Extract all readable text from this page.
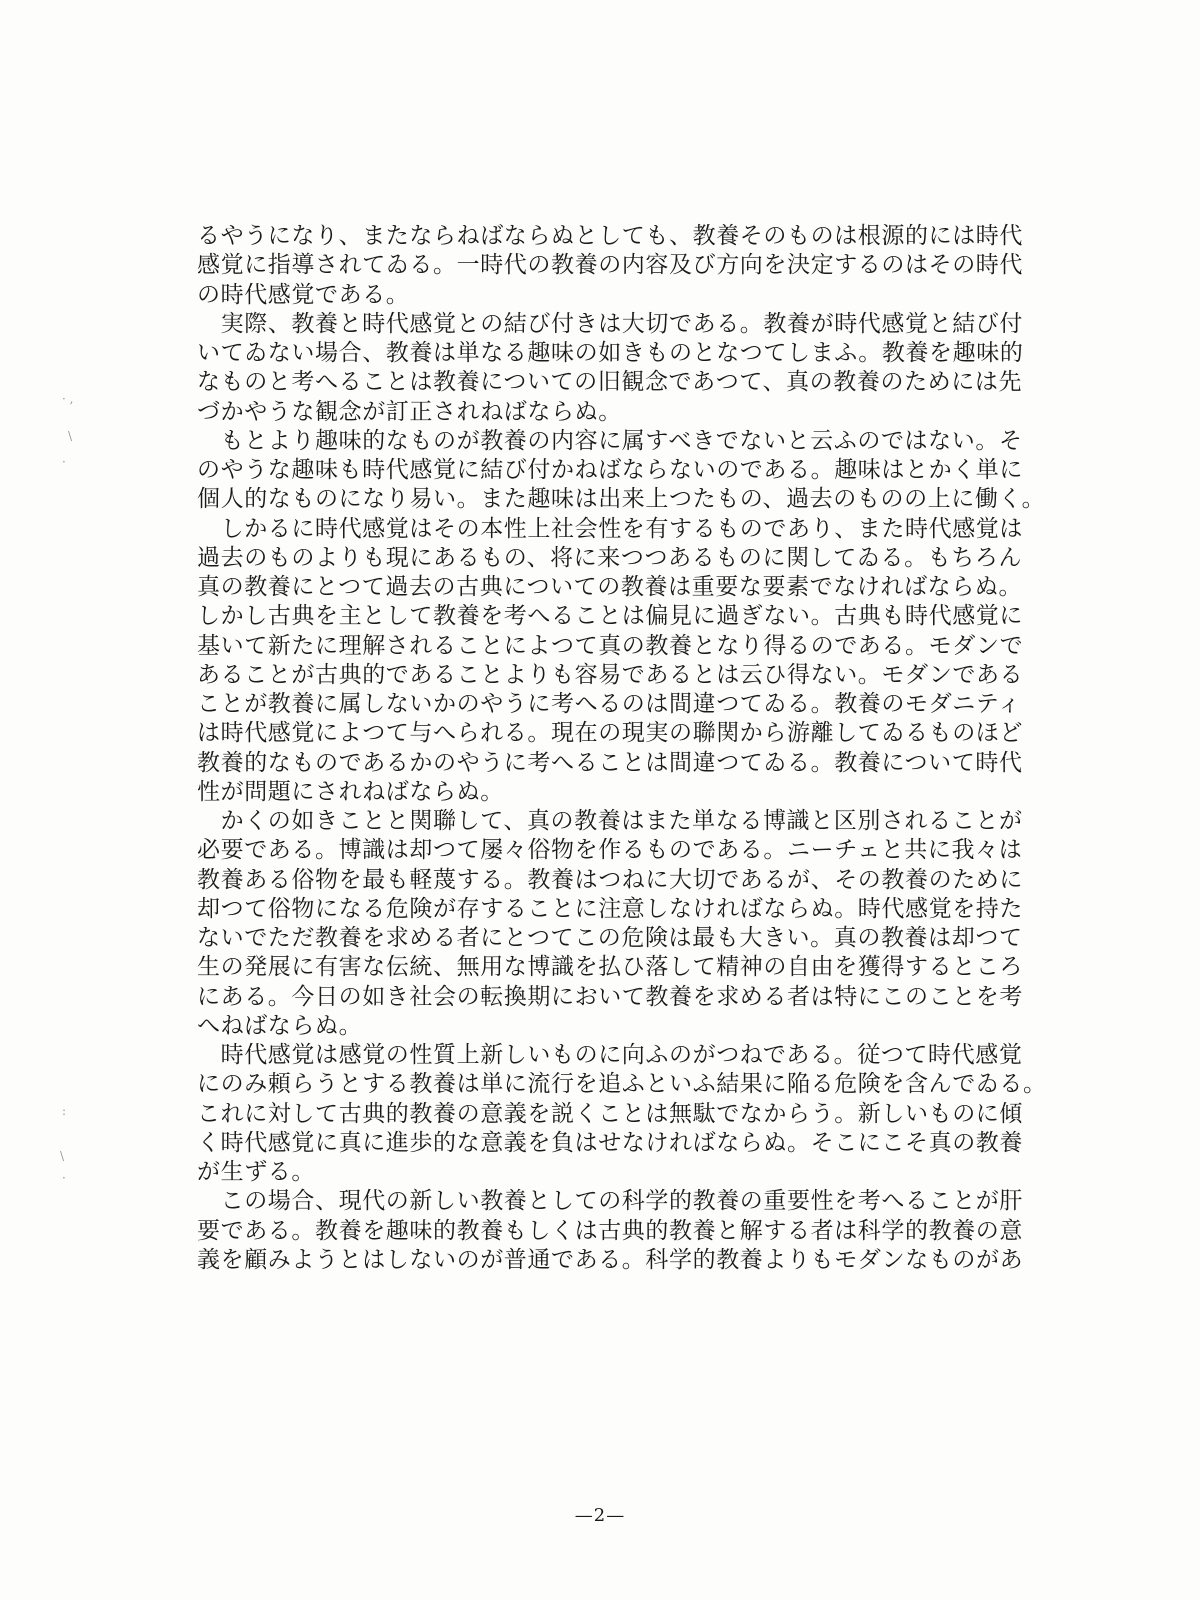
· ,
\
·
:
\
·
るやうになり、またならねばならぬとしても、教養そのものは根源的には時代
感覚に指導されてゐる。一時代の教養の内容及び方向を決定するのはその時代
の時代感覚である。
　実際、教養と時代感覚との結び付きは大切である。教養が時代感覚と結び付
いてゐない場合、教養は単なる趣味の如きものとなつてしまふ。教養を趣味的
なものと考へることは教養についての旧観念であつて、真の教養のためには先
づかやうな観念が訂正されねばならぬ。
　もとより趣味的なものが教養の内容に属すべきでないと云ふのではない。そ
のやうな趣味も時代感覚に結び付かねばならないのである。趣味はとかく単に
個人的なものになり易い。また趣味は出来上つたもの、過去のものの上に働く。
　しかるに時代感覚はその本性上社会性を有するものであり、また時代感覚は
過去のものよりも現にあるもの、将に来つつあるものに関してゐる。もちろん
真の教養にとつて過去の古典についての教養は重要な要素でなければならぬ。
しかし古典を主として教養を考へることは偏見に過ぎない。古典も時代感覚に
基いて新たに理解されることによつて真の教養となり得るのである。モダンで
あることが古典的であることよりも容易であるとは云ひ得ない。モダンである
ことが教養に属しないかのやうに考へるのは間違つてゐる。教養のモダニティ
は時代感覚によつて与へられる。現在の現実の聯関から游離してゐるものほど
教養的なものであるかのやうに考へることは間違つてゐる。教養について時代
性が問題にされねばならぬ。
　かくの如きことと関聯して、真の教養はまた単なる博識と区別されることが
必要である。博識は却つて屡々俗物を作るものである。ニーチェと共に我々は
教養ある俗物を最も軽蔑する。教養はつねに大切であるが、その教養のために
却つて俗物になる危険が存することに注意しなければならぬ。時代感覚を持た
ないでただ教養を求める者にとつてこの危険は最も大きい。真の教養は却つて
生の発展に有害な伝統、無用な博識を払ひ落して精神の自由を獲得するところ
にある。今日の如き社会の転換期において教養を求める者は特にこのことを考
へねばならぬ。
　時代感覚は感覚の性質上新しいものに向ふのがつねである。従つて時代感覚
にのみ頼らうとする教養は単に流行を追ふといふ結果に陥る危険を含んでゐる。
これに対して古典的教養の意義を説くことは無駄でなからう。新しいものに傾
く時代感覚に真に進歩的な意義を負はせなければならぬ。そこにこそ真の教養
が生ずる。
　この場合、現代の新しい教養としての科学的教養の重要性を考へることが肝
要である。教養を趣味的教養もしくは古典的教養と解する者は科学的教養の意
義を顧みようとはしないのが普通である。科学的教養よりもモダンなものがあ
—2—
